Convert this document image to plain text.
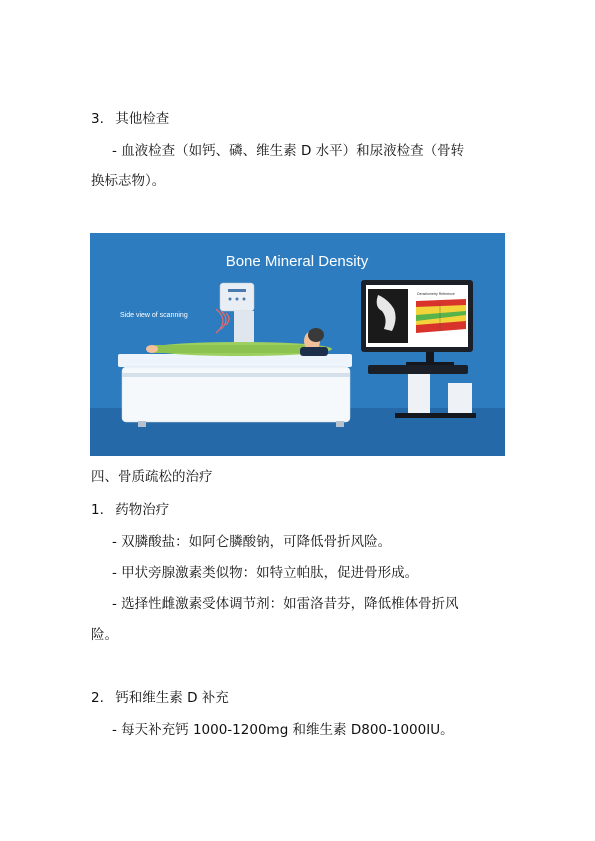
3. 其他检查
- 血液检查（如钙、磷、维生素 D 水平）和尿液检查（骨转
换标志物）。
Bone Mineral Density
Side view of scanning
Densitometry Reference
四、骨质疏松的治疗
1. 药物治疗
- 双膦酸盐：如阿仑膦酸钠，可降低骨折风险。
- 甲状旁腺激素类似物：如特立帕肽，促进骨形成。
- 选择性雌激素受体调节剂：如雷洛昔芬，降低椎体骨折风
险。
2. 钙和维生素 D 补充
- 每天补充钙 1000-1200mg 和维生素 D800-1000IU。
